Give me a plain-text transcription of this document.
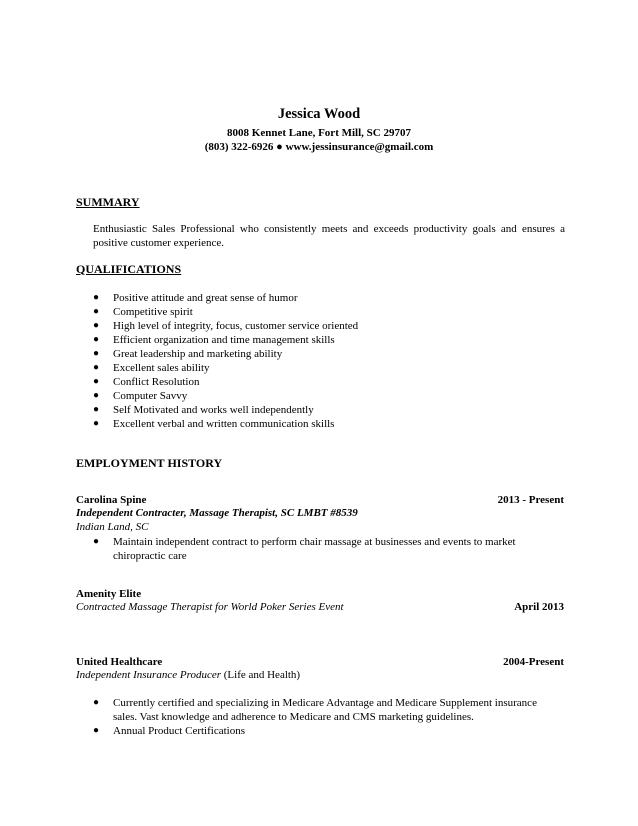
Jessica Wood
8008 Kennet Lane, Fort Mill, SC 29707
(803) 322-6926 ● www.jessinsurance@gmail.com
SUMMARY
Enthusiastic Sales Professional who consistently meets and exceeds productivity goals and ensures a positive customer experience.
QUALIFICATIONS
● Positive attitude and great sense of humor
● Competitive spirit
● High level of integrity, focus, customer service oriented
● Efficient organization and time management skills
● Great leadership and marketing ability
● Excellent sales ability
● Conflict Resolution
● Computer Savvy
● Self Motivated and works well independently
● Excellent verbal and written communication skills
EMPLOYMENT HISTORY
Carolina Spine	2013 - Present
Independent Contracter, Massage Therapist, SC LMBT #8539
Indian Land, SC
● Maintain independent contract to perform chair massage at businesses and events to market chiropractic care
Amenity Elite
Contracted Massage Therapist for World Poker Series Event	April 2013
United Healthcare	2004-Present
Independent Insurance Producer (Life and Health)
● Currently certified and specializing in Medicare Advantage and Medicare Supplement insurance sales. Vast knowledge and adherence to Medicare and CMS marketing guidelines.
● Annual Product Certifications
